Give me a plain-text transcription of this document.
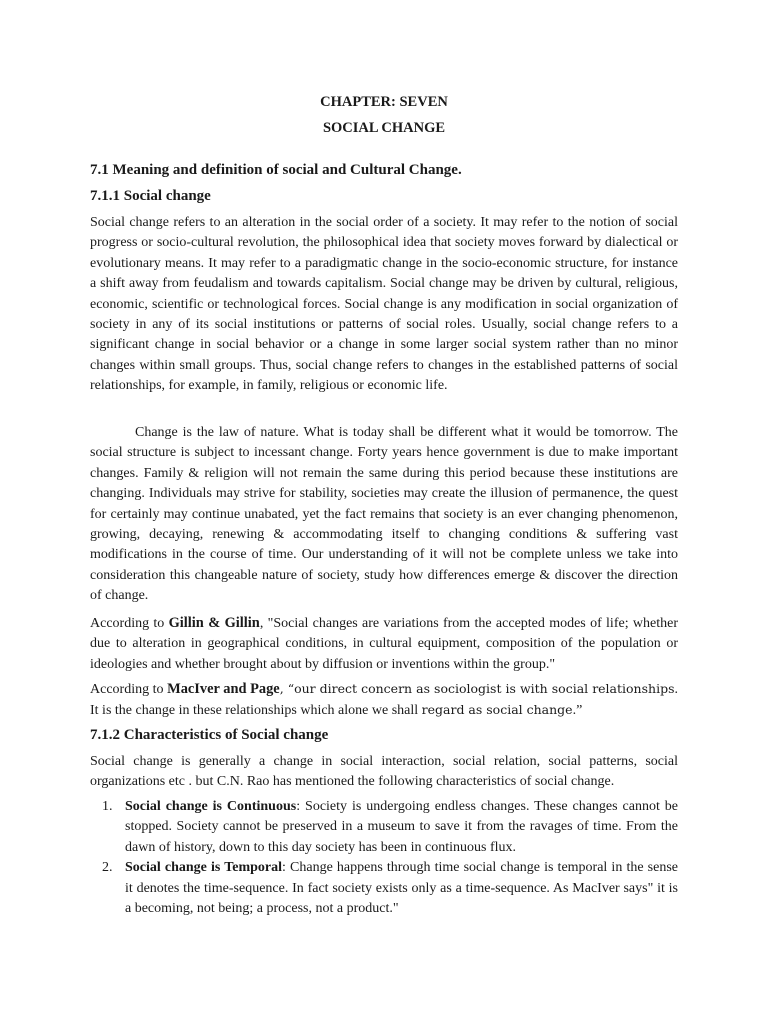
CHAPTER: SEVEN
SOCIAL CHANGE
7.1 Meaning and definition of social and Cultural Change.
7.1.1 Social change

Social change refers to an alteration in the social order of a society. It may refer to the notion of social progress or socio-cultural revolution, the philosophical idea that society moves forward by dialectical or evolutionary means. It may refer to a paradigmatic change in the socio-economic structure, for instance a shift away from feudalism and towards capitalism. Social change may be driven by cultural, religious, economic, scientific or technological forces. Social change is any modification in social organization of society in any of its social institutions or patterns of social roles. Usually, social change refers to a significant change in social behavior or a change in some larger social system rather than no minor changes within small groups. Thus, social change refers to changes in the established patterns of social relationships, for example, in family, religious or economic life.

Change is the law of nature. What is today shall be different what it would be tomorrow. The social structure is subject to incessant change. Forty years hence government is due to make important changes. Family & religion will not remain the same during this period because these institutions are changing. Individuals may strive for stability, societies may create the illusion of permanence, the quest for certainly may continue unabated, yet the fact remains that society is an ever changing phenomenon, growing, decaying, renewing & accommodating itself to changing conditions & suffering vast modifications in the course of time. Our understanding of it will not be complete unless we take into consideration this changeable nature of society, study how differences emerge & discover the direction of change.

According to Gillin & Gillin, "Social changes are variations from the accepted modes of life; whether due to alteration in geographical conditions, in cultural equipment, composition of the population or ideologies and whether brought about by diffusion or inventions within the group."

According to MacIver and Page, “our direct concern as sociologist is with social relationships. It is the change in these relationships which alone we shall regard as social change.”

7.1.2 Characteristics of Social change

Social change is generally a change in social interaction, social relation, social patterns, social organizations etc . but C.N. Rao has mentioned the following characteristics of social change.

1. Social change is Continuous: Society is undergoing endless changes. These changes cannot be stopped. Society cannot be preserved in a museum to save it from the ravages of time. From the dawn of history, down to this day society has been in continuous flux.
2. Social change is Temporal: Change happens through time social change is temporal in the sense it denotes the time-sequence. In fact society exists only as a time-sequence. As MacIver says" it is a becoming, not being; a process, not a product."
